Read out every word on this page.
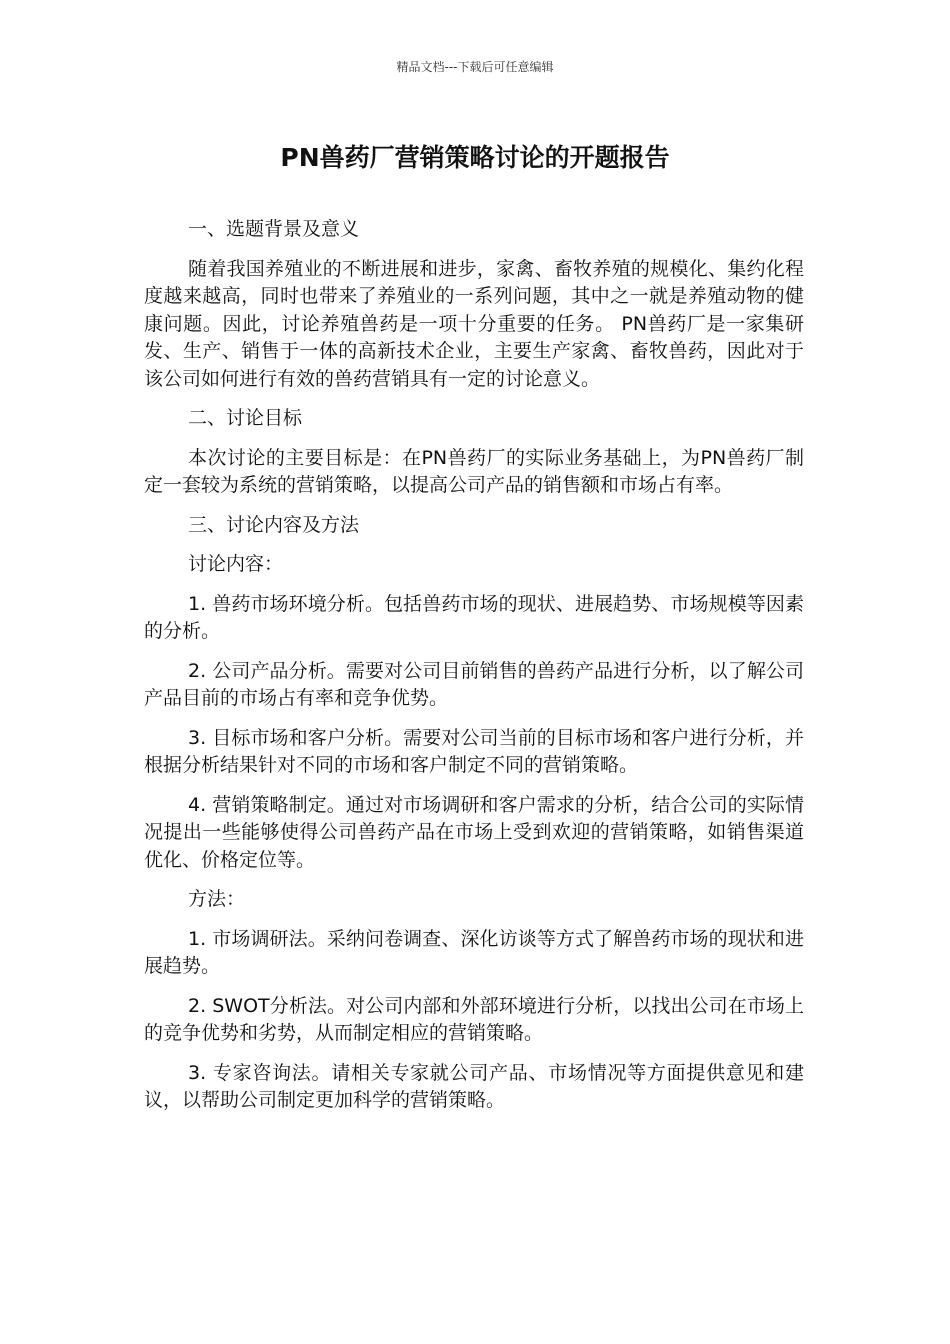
精品文档---下载后可任意编辑
PN兽药厂营销策略讨论的开题报告

一、选题背景及意义

随着我国养殖业的不断进展和进步，家禽、畜牧养殖的规模化、集约化程度越来越高，同时也带来了养殖业的一系列问题，其中之一就是养殖动物的健康问题。因此，讨论养殖兽药是一项十分重要的任务。 PN兽药厂是一家集研发、生产、销售于一体的高新技术企业，主要生产家禽、畜牧兽药，因此对于该公司如何进行有效的兽药营销具有一定的讨论意义。

二、讨论目标

本次讨论的主要目标是：在PN兽药厂的实际业务基础上，为PN兽药厂制定一套较为系统的营销策略，以提高公司产品的销售额和市场占有率。

三、讨论内容及方法

讨论内容：

1. 兽药市场环境分析。包括兽药市场的现状、进展趋势、市场规模等因素的分析。

2. 公司产品分析。需要对公司目前销售的兽药产品进行分析，以了解公司产品目前的市场占有率和竞争优势。

3. 目标市场和客户分析。需要对公司当前的目标市场和客户进行分析，并根据分析结果针对不同的市场和客户制定不同的营销策略。

4. 营销策略制定。通过对市场调研和客户需求的分析，结合公司的实际情况提出一些能够使得公司兽药产品在市场上受到欢迎的营销策略，如销售渠道优化、价格定位等。

方法：

1. 市场调研法。采纳问卷调查、深化访谈等方式了解兽药市场的现状和进展趋势。

2. SWOT分析法。对公司内部和外部环境进行分析，以找出公司在市场上的竞争优势和劣势，从而制定相应的营销策略。

3. 专家咨询法。请相关专家就公司产品、市场情况等方面提供意见和建议，以帮助公司制定更加科学的营销策略。
